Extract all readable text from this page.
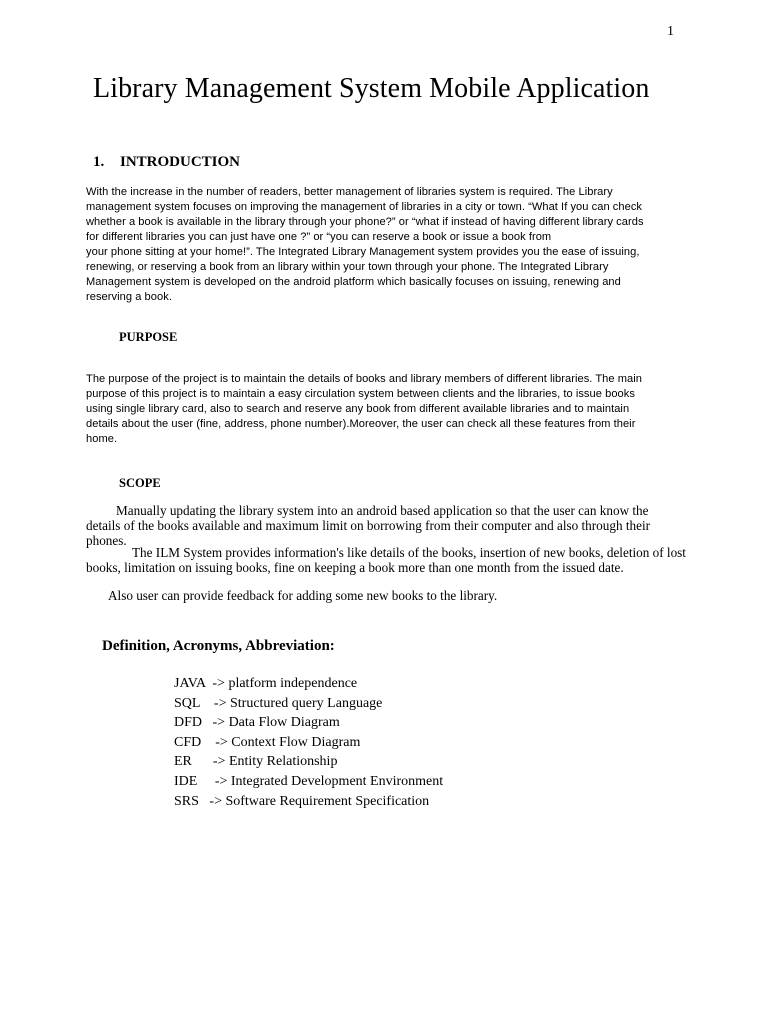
1
Library Management System Mobile Application
1. INTRODUCTION
With the increase in the number of readers, better management of libraries system is required. The Library
management system focuses on improving the management of libraries in a city or town. “What If you can check
whether a book is available in the library through your phone?” or “what if instead of having different library cards
for different libraries you can just have one ?” or “you can reserve a book or issue a book from
your phone sitting at your home!”. The Integrated Library Management system provides you the ease of issuing,
renewing, or reserving a book from an library within your town through your phone. The Integrated Library
Management system is developed on the android platform which basically focuses on issuing, renewing and
reserving a book.
PURPOSE
The purpose of the project is to maintain the details of books and library members of different libraries. The main
purpose of this project is to maintain a easy circulation system between clients and the libraries, to issue books
using single library card, also to search and reserve any book from different available libraries and to maintain
details about the user (fine, address, phone number).Moreover, the user can check all these features from their
home.
SCOPE
Manually updating the library system into an android based application so that the user can know the
details of the books available and maximum limit on borrowing from their computer and also through their phones.
The ILM System provides information's like details of the books, insertion of new books, deletion of lost
books, limitation on issuing books, fine on keeping a book more than one month from the issued date.
Also user can provide feedback for adding some new books to the library.
Definition, Acronyms, Abbreviation:
JAVA  -> platform independence
SQL    -> Structured query Language
DFD   -> Data Flow Diagram
CFD    -> Context Flow Diagram
ER      -> Entity Relationship
IDE     -> Integrated Development Environment
SRS   -> Software Requirement Specification
